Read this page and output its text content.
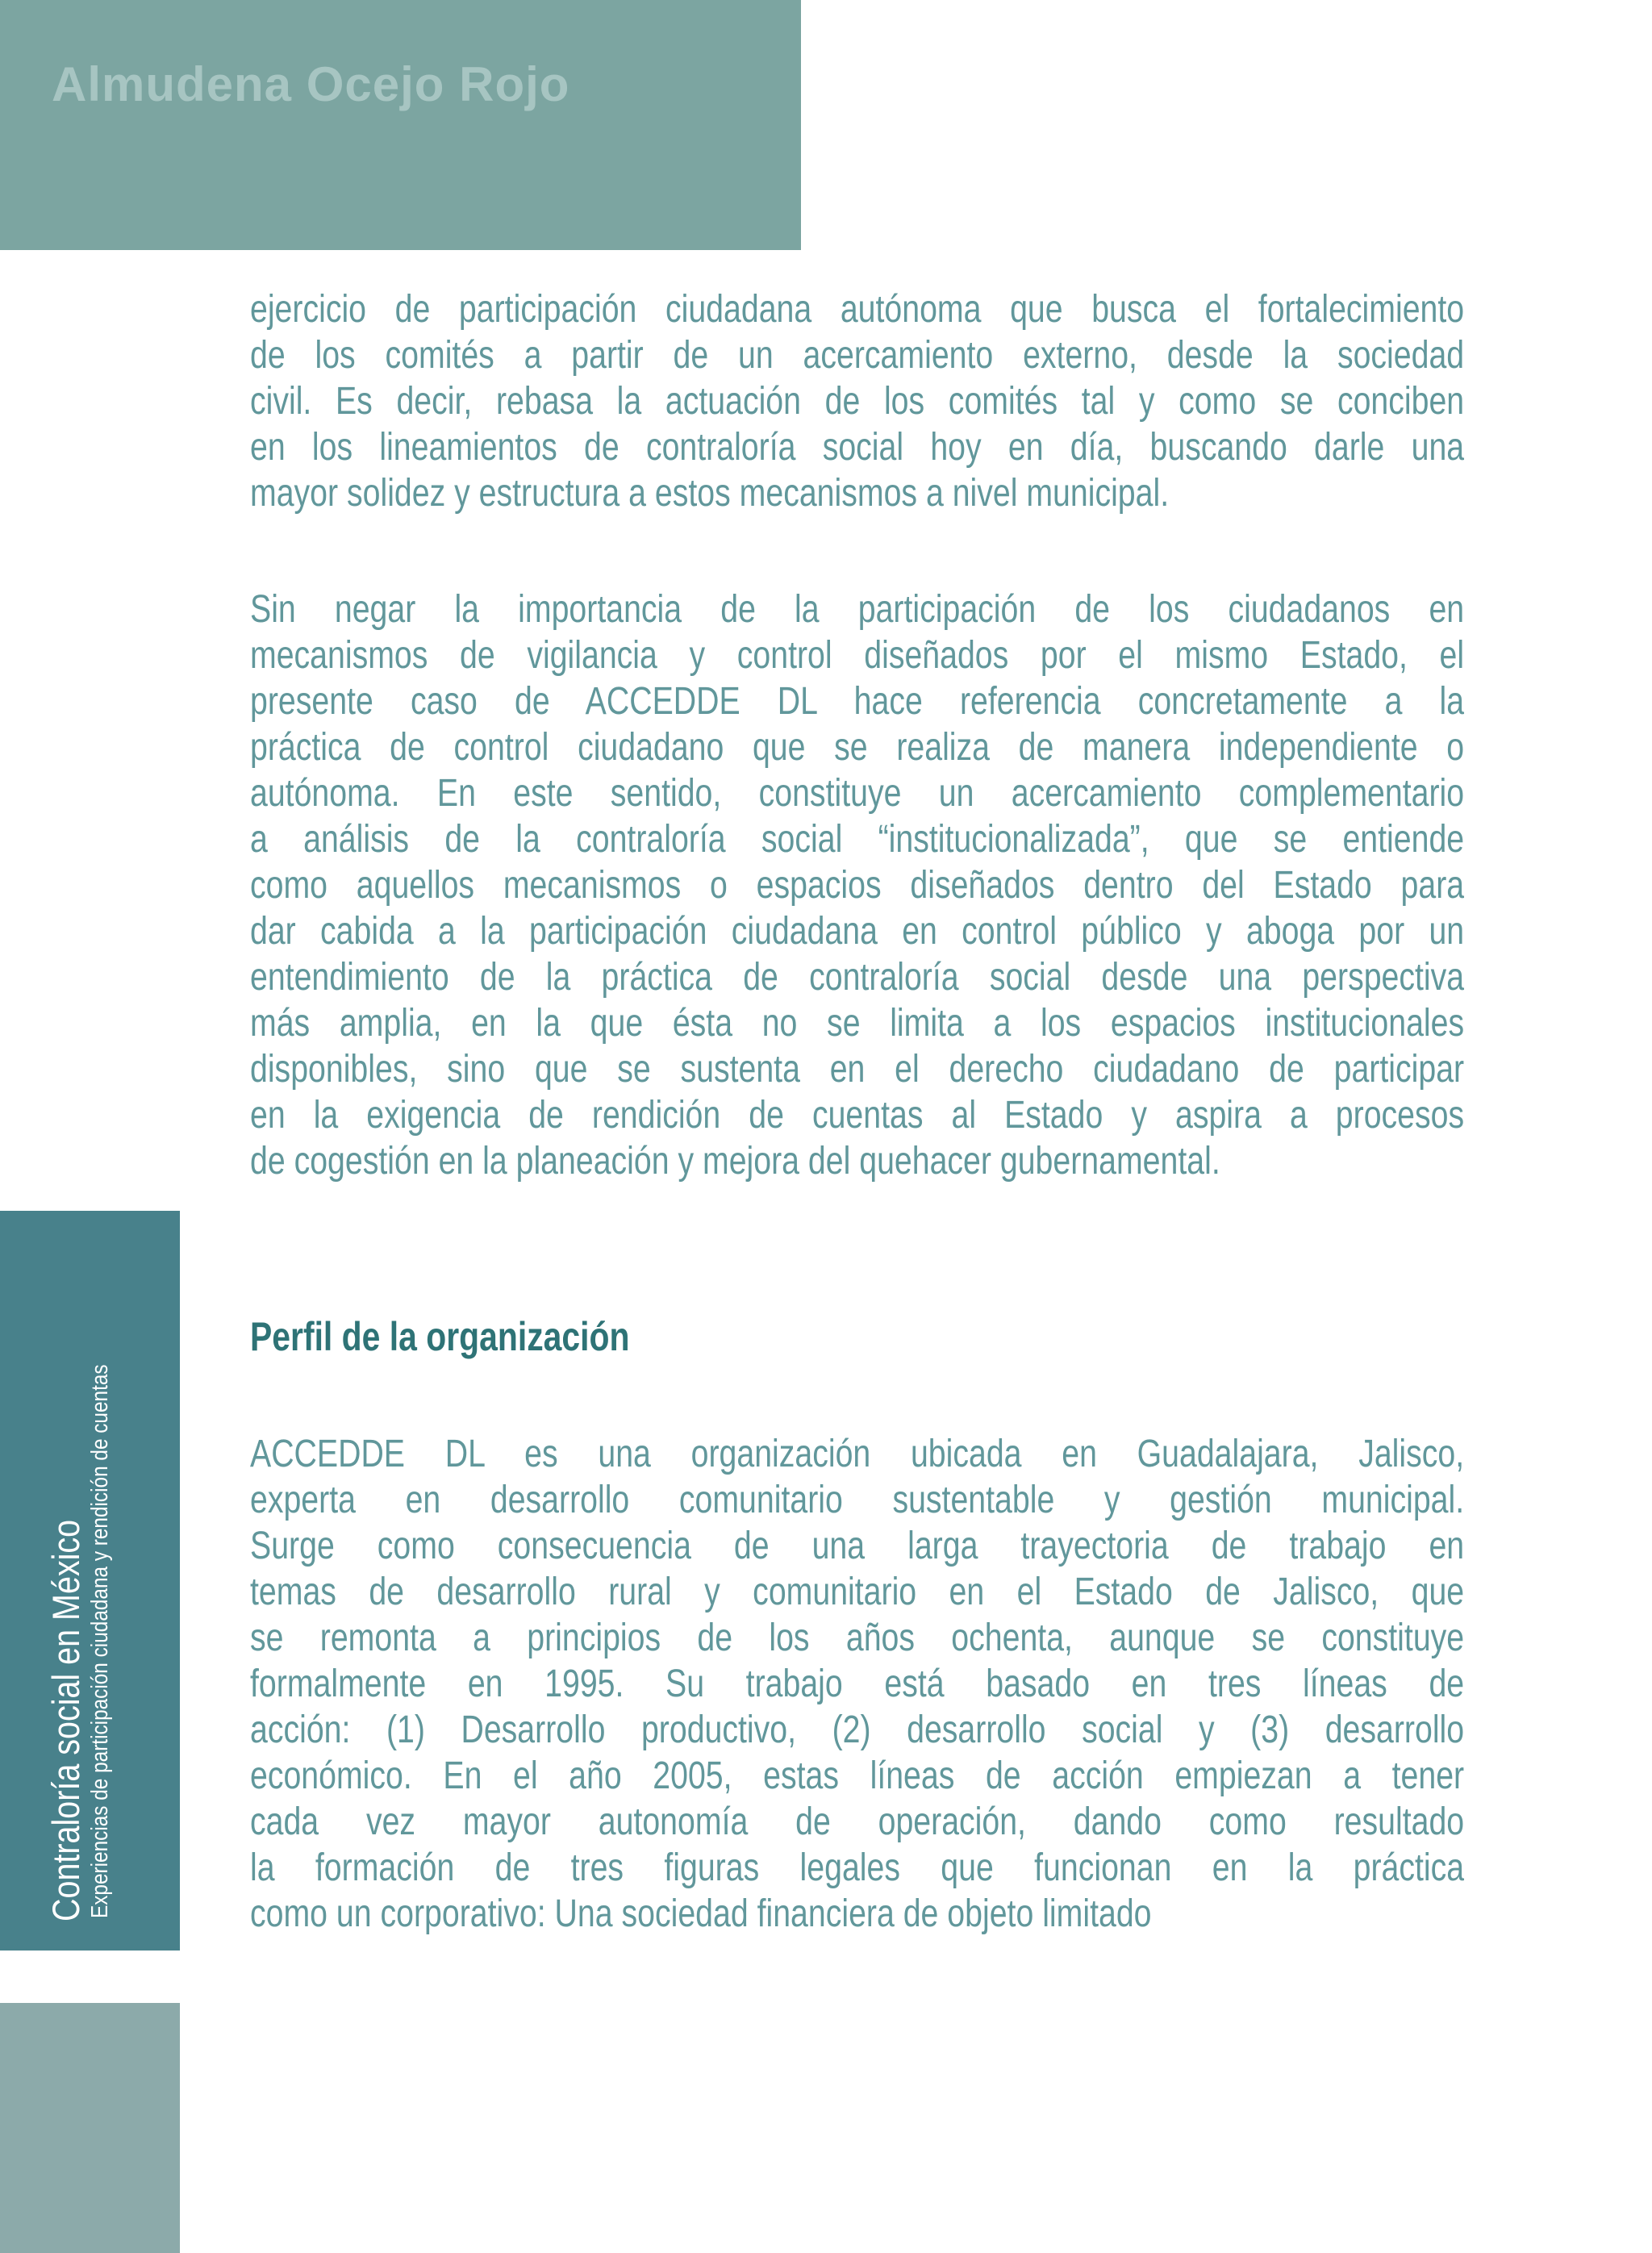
Almudena Ocejo Rojo
ejercicio de participación ciudadana autónoma que busca el fortalecimiento
de los comités a partir de un acercamiento externo, desde la sociedad
civil. Es decir, rebasa la actuación de los comités tal y como se conciben
en los lineamientos de contraloría social hoy en día, buscando darle una
mayor solidez y estructura a estos mecanismos a nivel municipal.
Sin negar la importancia de la participación de los ciudadanos en
mecanismos de vigilancia y control diseñados por el mismo Estado, el
presente caso de ACCEDDE DL hace referencia concretamente a la
práctica de control ciudadano que se realiza de manera independiente o
autónoma. En este sentido, constituye un acercamiento complementario
a análisis de la contraloría social “institucionalizada”, que se entiende
como aquellos mecanismos o espacios diseñados dentro del Estado para
dar cabida a la participación ciudadana en control público y aboga por un
entendimiento de la práctica de contraloría social desde una perspectiva
más amplia, en la que ésta no se limita a los espacios institucionales
disponibles, sino que se sustenta en el derecho ciudadano de participar
en la exigencia de rendición de cuentas al Estado y aspira a procesos
de cogestión en la planeación y mejora del quehacer gubernamental.
Perfil de la organización
ACCEDDE DL es una organización ubicada en Guadalajara, Jalisco,
experta en desarrollo comunitario sustentable y gestión municipal.
Surge como consecuencia de una larga trayectoria de trabajo en
temas de desarrollo rural y comunitario en el Estado de Jalisco, que
se remonta a principios de los años ochenta, aunque se constituye
formalmente en 1995. Su trabajo está basado en tres líneas de
acción: (1) Desarrollo productivo, (2) desarrollo social y (3) desarrollo
económico. En el año 2005, estas líneas de acción empiezan a tener
cada vez mayor autonomía de operación, dando como resultado
la formación de tres figuras legales que funcionan en la práctica
como un corporativo: Una sociedad financiera de objeto limitado
Contraloría social en México Experiencias de participación ciudadana y rendición de cuentas
